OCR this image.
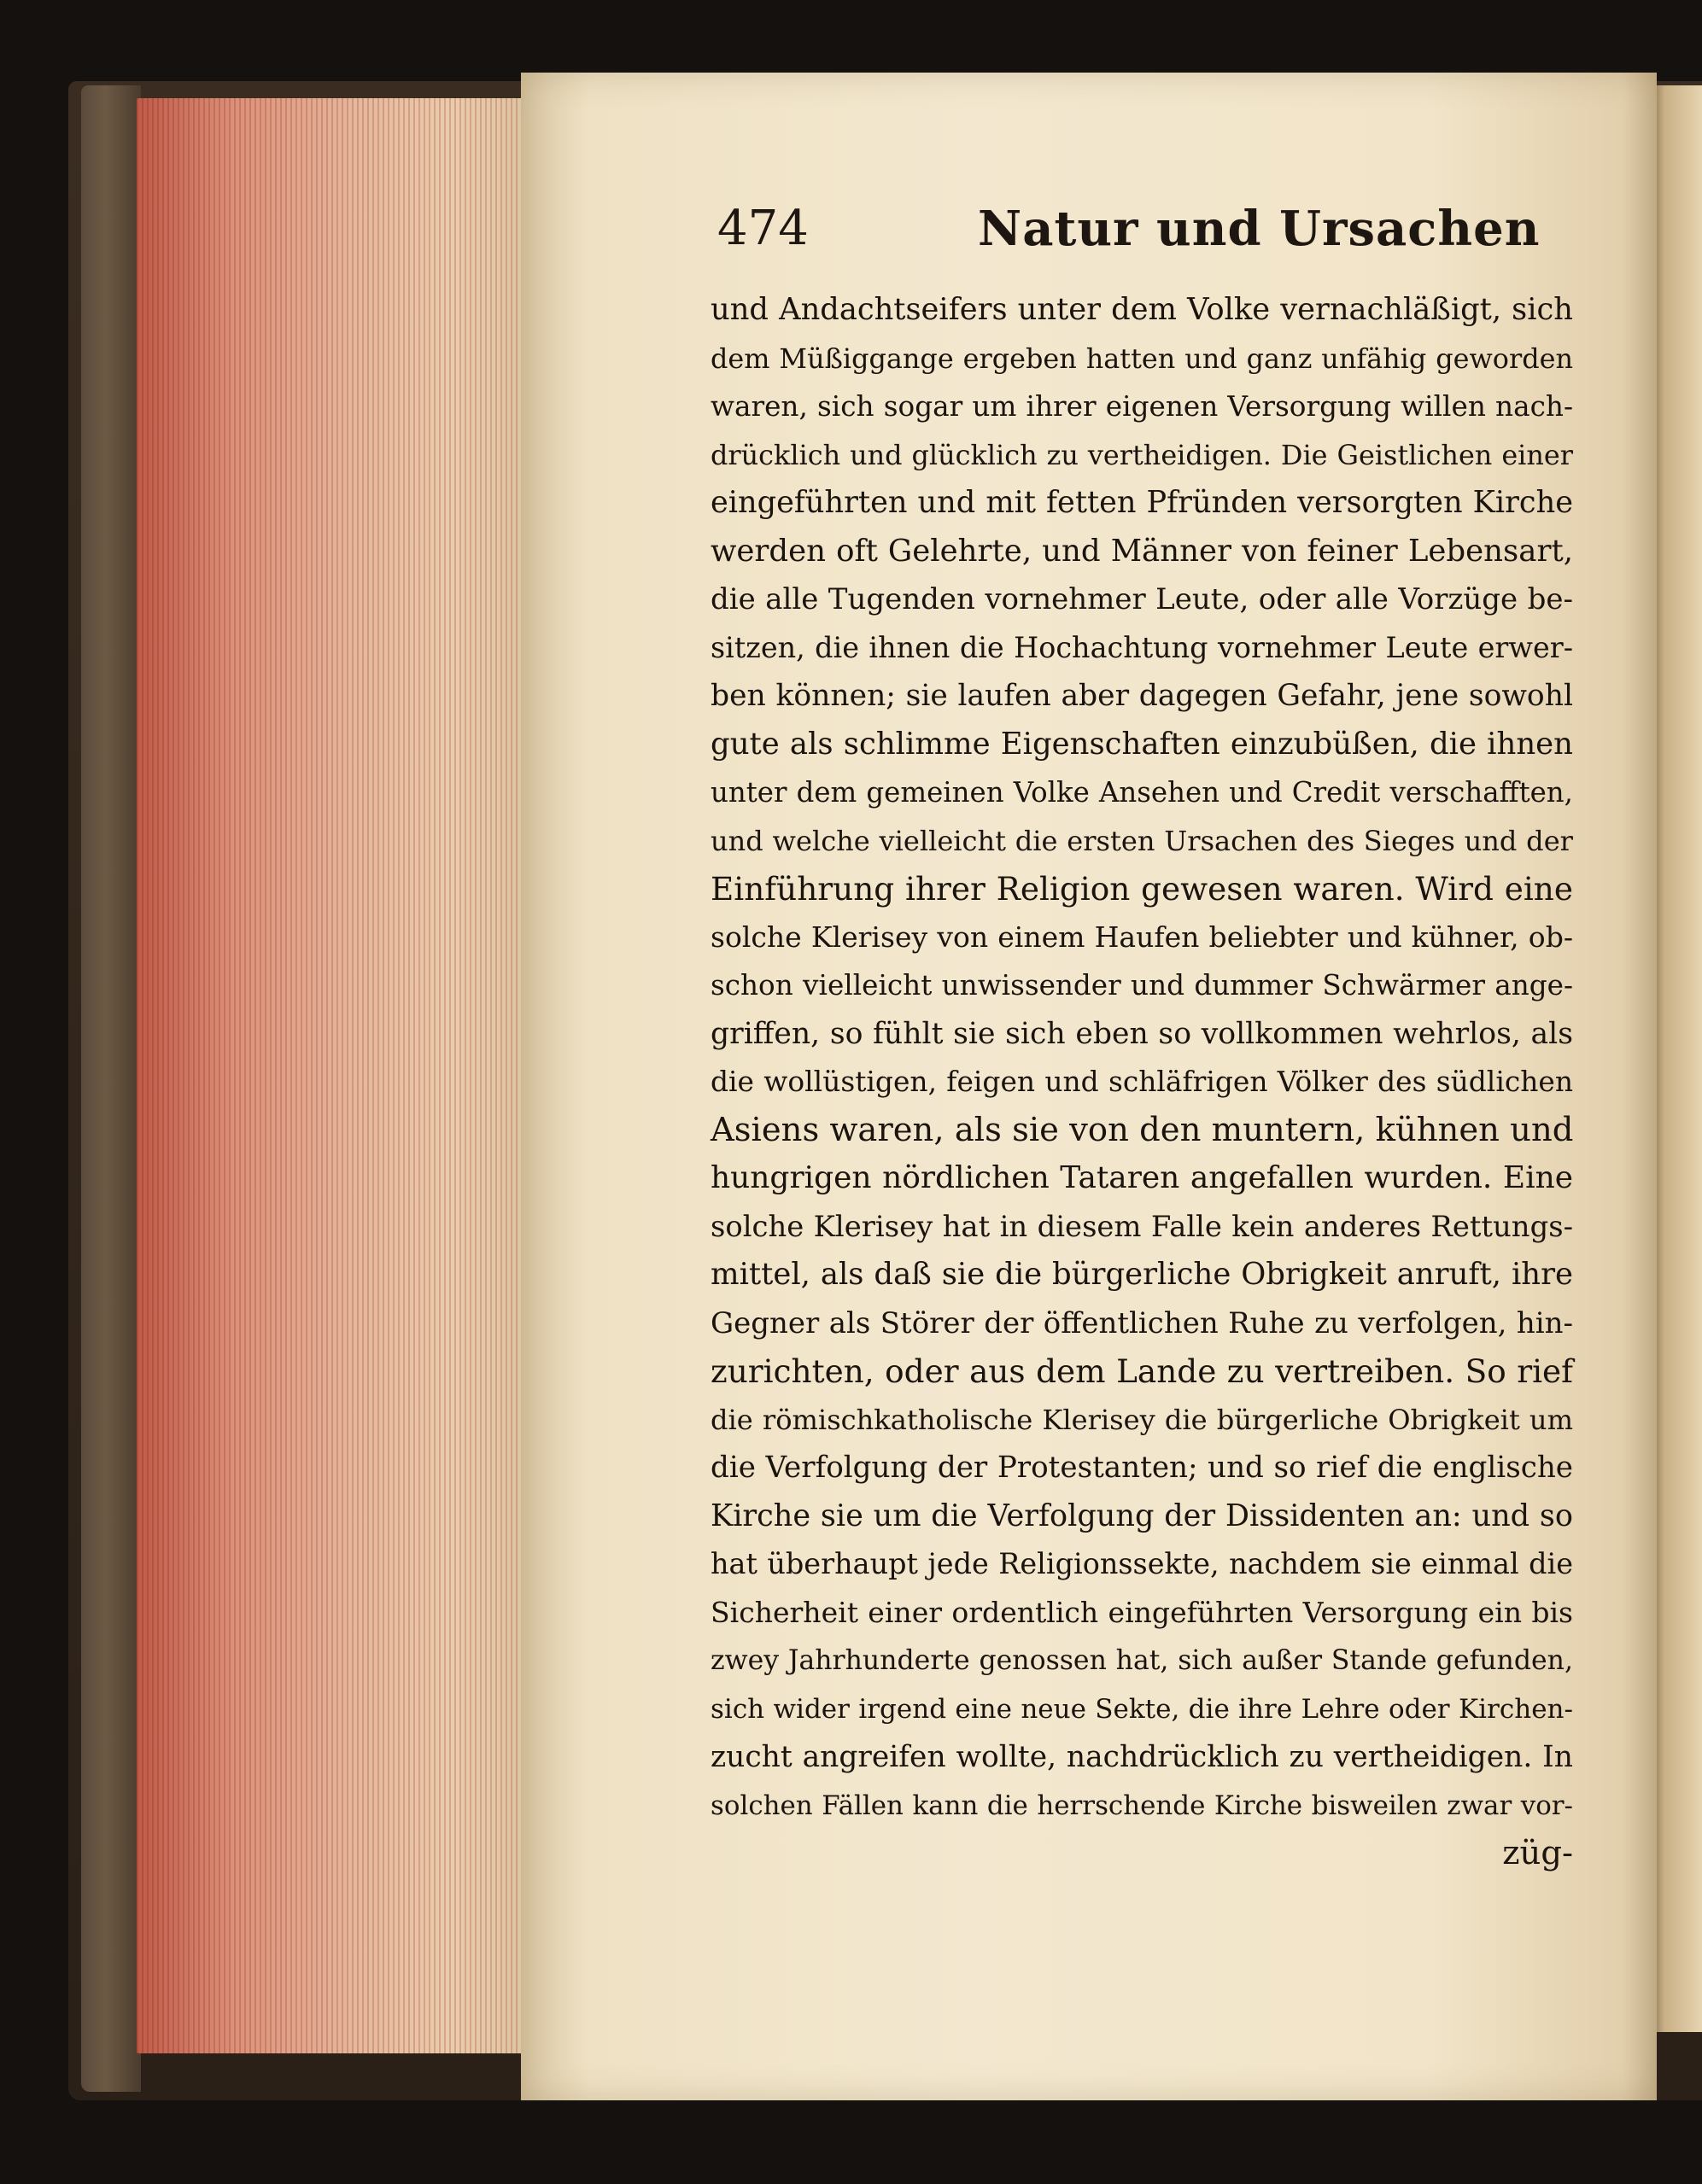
474	Natur und Ursachen
und Andachtseifers unter dem Volke vernachläßigt, sich
dem Müßiggange ergeben hatten und ganz unfähig geworden
waren, sich sogar um ihrer eigenen Versorgung willen nach-
drücklich und glücklich zu vertheidigen. Die Geistlichen einer
eingeführten und mit fetten Pfründen versorgten Kirche
werden oft Gelehrte, und Männer von feiner Lebensart,
die alle Tugenden vornehmer Leute, oder alle Vorzüge be-
sitzen, die ihnen die Hochachtung vornehmer Leute erwer-
ben können; sie laufen aber dagegen Gefahr, jene sowohl
gute als schlimme Eigenschaften einzubüßen, die ihnen
unter dem gemeinen Volke Ansehen und Credit verschafften,
und welche vielleicht die ersten Ursachen des Sieges und der
Einführung ihrer Religion gewesen waren. Wird eine
solche Klerisey von einem Haufen beliebter und kühner, ob-
schon vielleicht unwissender und dummer Schwärmer ange-
griffen, so fühlt sie sich eben so vollkommen wehrlos, als
die wollüstigen, feigen und schläfrigen Völker des südlichen
Asiens waren, als sie von den muntern, kühnen und
hungrigen nördlichen Tataren angefallen wurden. Eine
solche Klerisey hat in diesem Falle kein anderes Rettungs-
mittel, als daß sie die bürgerliche Obrigkeit anruft, ihre
Gegner als Störer der öffentlichen Ruhe zu verfolgen, hin-
zurichten, oder aus dem Lande zu vertreiben. So rief
die römischkatholische Klerisey die bürgerliche Obrigkeit um
die Verfolgung der Protestanten; und so rief die englische
Kirche sie um die Verfolgung der Dissidenten an: und so
hat überhaupt jede Religionssekte, nachdem sie einmal die
Sicherheit einer ordentlich eingeführten Versorgung ein bis
zwey Jahrhunderte genossen hat, sich außer Stande gefunden,
sich wider irgend eine neue Sekte, die ihre Lehre oder Kirchen-
zucht angreifen wollte, nachdrücklich zu vertheidigen. In
solchen Fällen kann die herrschende Kirche bisweilen zwar vor-
züg-
